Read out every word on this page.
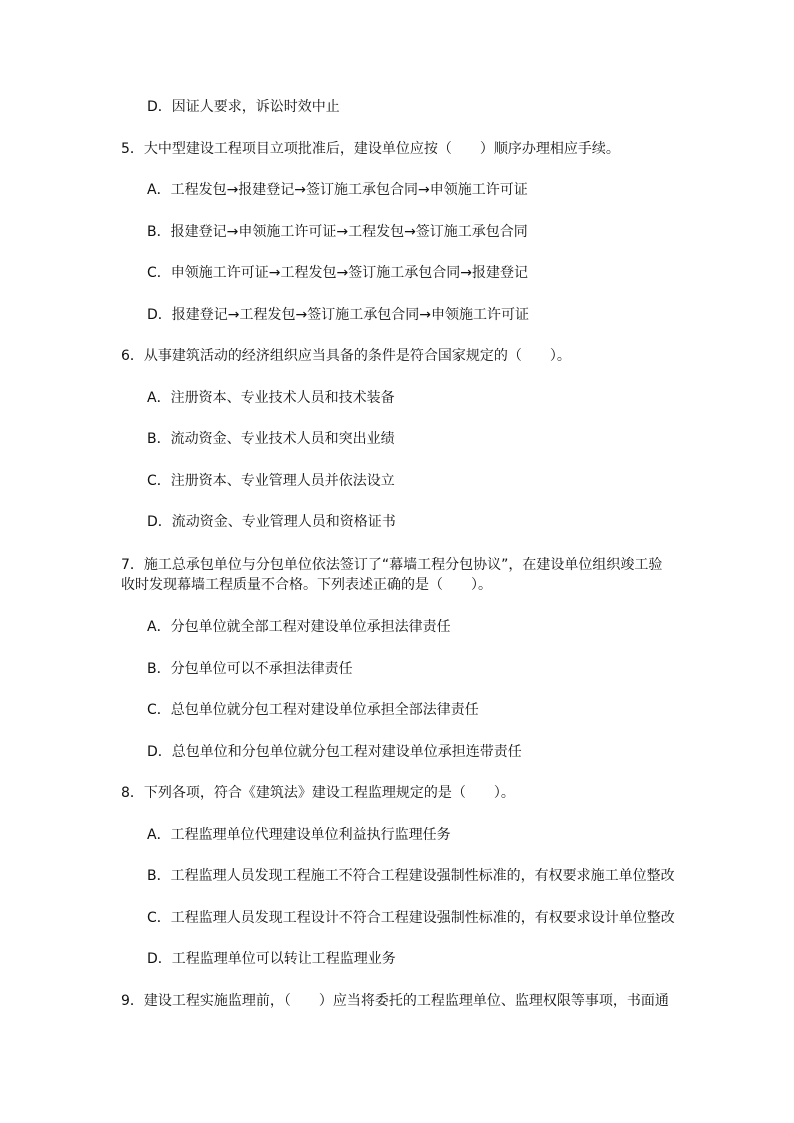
D．因证人要求，诉讼时效中止
5．大中型建设工程项目立项批准后，建设单位应按（　　）顺序办理相应手续。
A．工程发包→报建登记→签订施工承包合同→申领施工许可证
B．报建登记→申领施工许可证→工程发包→签订施工承包合同
C．申领施工许可证→工程发包→签订施工承包合同→报建登记
D．报建登记→工程发包→签订施工承包合同→申领施工许可证
6．从事建筑活动的经济组织应当具备的条件是符合国家规定的（　　）。
A．注册资本、专业技术人员和技术装备
B．流动资金、专业技术人员和突出业绩
C．注册资本、专业管理人员并依法设立
D．流动资金、专业管理人员和资格证书
7．施工总承包单位与分包单位依法签订了“幕墙工程分包协议”，在建设单位组织竣工验
收时发现幕墙工程质量不合格。下列表述正确的是（　　）。
A．分包单位就全部工程对建设单位承担法律责任
B．分包单位可以不承担法律责任
C．总包单位就分包工程对建设单位承担全部法律责任
D．总包单位和分包单位就分包工程对建设单位承担连带责任
8．下列各项，符合《建筑法》建设工程监理规定的是（　　）。
A．工程监理单位代理建设单位利益执行监理任务
B．工程监理人员发现工程施工不符合工程建设强制性标准的，有权要求施工单位整改
C．工程监理人员发现工程设计不符合工程建设强制性标准的，有权要求设计单位整改
D．工程监理单位可以转让工程监理业务
9．建设工程实施监理前，（　　）应当将委托的工程监理单位、监理权限等事项，书面通
